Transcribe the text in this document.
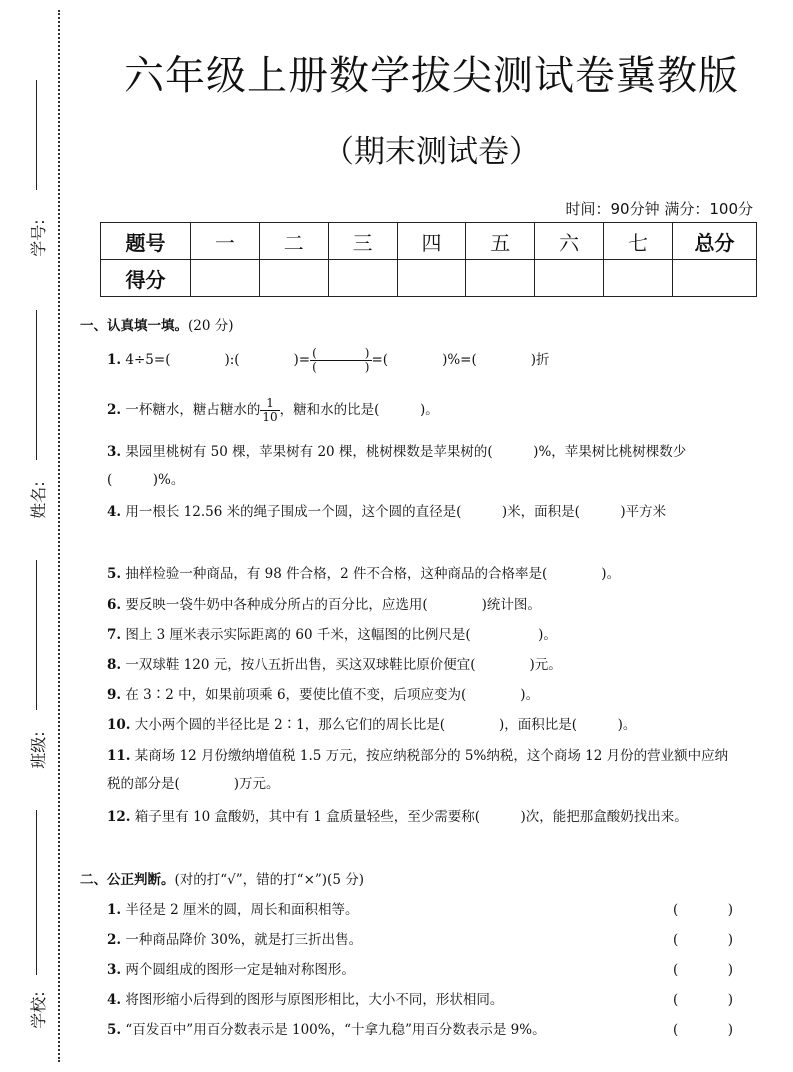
学号:
姓名:
班级:
学校:
六年级上册数学拔尖测试卷冀教版
（期末测试卷）
时间：90分钟 满分：100分
题号	一	二	三	四	五	六	七	总分
得分								
一、认真填一填。(20 分)
1. 4÷5=(　　　　):(　　　　)= $\frac{( )}{( )}$ =(　　　　)%=(　　　　)折
2. 一杯糖水，糖占糖水的 $\frac{1}{10}$ ，糖和水的比是(　　　)。
3. 果园里桃树有 50 棵，苹果树有 20 棵，桃树棵数是苹果树的(　　　)%，苹果树比桃树棵数少(　　　)%。
4. 用一根长 12.56 米的绳子围成一个圆，这个圆的直径是(　　　)米，面积是(　　　)平方米
5. 抽样检验一种商品，有 98 件合格，2 件不合格，这种商品的合格率是(　　　　)。
6. 要反映一袋牛奶中各种成分所占的百分比，应选用(　　　　)统计图。
7. 图上 3 厘米表示实际距离的 60 千米，这幅图的比例尺是(　　　　　)。
8. 一双球鞋 120 元，按八五折出售，买这双球鞋比原价便宜(　　　　)元。
9. 在 3∶2 中，如果前项乘 6，要使比值不变，后项应变为(　　　　)。
10. 大小两个圆的半径比是 2∶1，那么它们的周长比是(　　　　)，面积比是(　　　)。
11. 某商场 12 月份缴纳增值税 1.5 万元，按应纳税部分的 5%纳税，这个商场 12 月份的营业额中应纳税的部分是(　　　　)万元。
12. 箱子里有 10 盒酸奶，其中有 1 盒质量轻些，至少需要称(　　　)次，能把那盒酸奶找出来。
二、公正判断。(对的打“√”，错的打“×”)(5 分)
1. 半径是 2 厘米的圆，周长和面积相等。	(	)
2. 一种商品降价 30%，就是打三折出售。	(	)
3. 两个圆组成的图形一定是轴对称图形。	(	)
4. 将图形缩小后得到的图形与原图形相比，大小不同，形状相同。	(	)
5. “百发百中”用百分数表示是 100%，“十拿九稳”用百分数表示是 9%。	(	)
